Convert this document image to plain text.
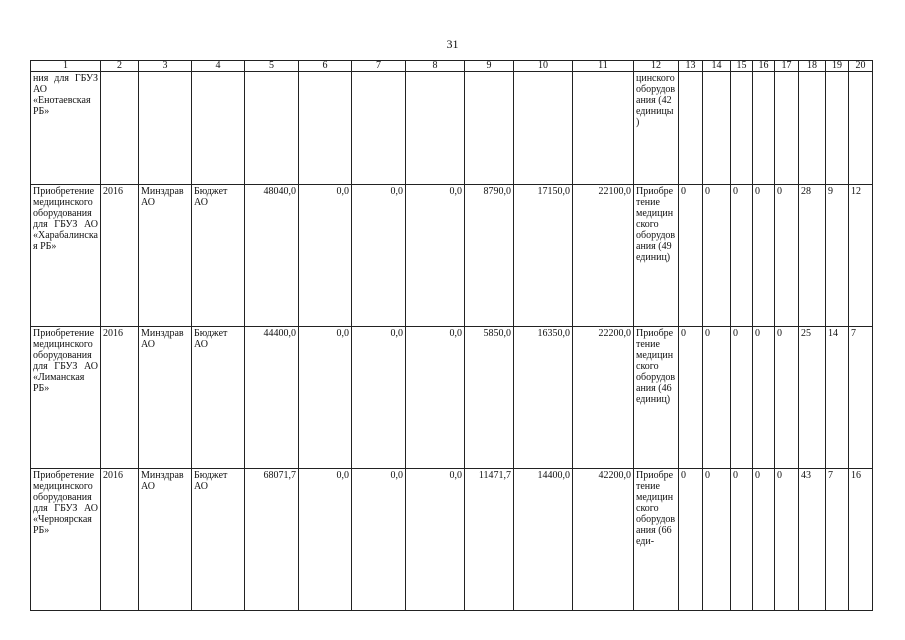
31
1	2	3	4	5	6	7	8	9	10	11	12	13	14	15	16	17	18	19	20
ния для ГБУЗ АО «Енотаевская РБ»											цинского оборудования (42 единицы)								
Приобретение медицинского оборудования для ГБУЗ АО «Харабалинская РБ»	2016	Минздрав АО	Бюджет АО	48040,0	0,0	0,0	0,0	8790,0	17150,0	22100,0	Приобретение медицинского оборудования (49 единиц)	0	0	0	0	0	28	9	12
Приобретение медицинского оборудования для ГБУЗ АО «Лиманская РБ»	2016	Минздрав АО	Бюджет АО	44400,0	0,0	0,0	0,0	5850,0	16350,0	22200,0	Приобретение медицинского оборудования (46 единиц)	0	0	0	0	0	25	14	7
Приобретение медицинского оборудования для ГБУЗ АО «Черноярская РБ»	2016	Минздрав АО	Бюджет АО	68071,7	0,0	0,0	0,0	11471,7	14400,0	42200,0	Приобретение медицинского оборудования (66 еди-	0	0	0	0	0	43	7	16
